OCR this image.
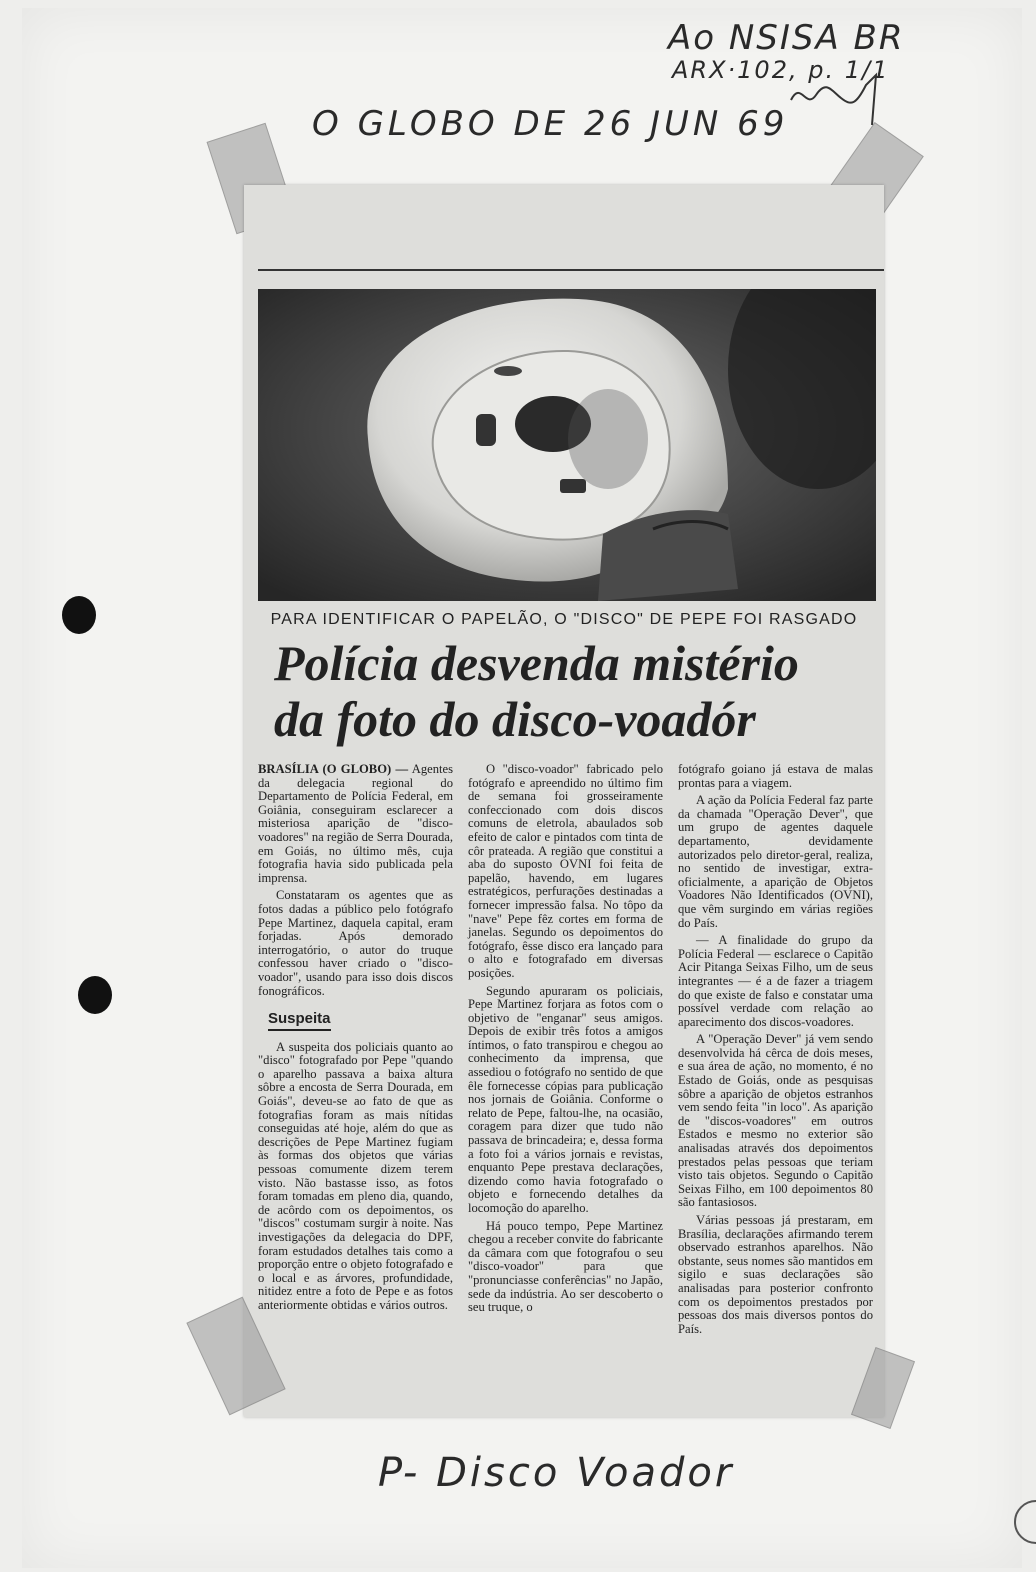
Ao NSISA BR
ARX·102, p. 1/1
O GLOBO DE 26 JUN 69
PARA IDENTIFICAR O PAPELÃO, O "DISCO" DE PEPE FOI RASGADO
Polícia desvenda mistério
da foto do disco-voadór

BRASÍLIA (O GLOBO) — Agentes da delegacia regional do Departamento de Polícia Federal, em Goiânia, conseguiram esclarecer a misteriosa aparição de "disco-voadores" na região de Serra Dourada, em Goiás, no último mês, cuja fotografia havia sido publicada pela imprensa.

Constataram os agentes que as fotos dadas a público pelo fotógrafo Pepe Martinez, daquela capital, eram forjadas. Após demorado interrogatório, o autor do truque confessou haver criado o "disco-voador", usando para isso dois discos fonográficos.

Suspeita

A suspeita dos policiais quanto ao "disco" fotografado por Pepe "quando o aparelho passava a baixa altura sôbre a encosta de Serra Dourada, em Goiás", deveu-se ao fato de que as fotografias foram as mais nítidas conseguidas até hoje, além do que as descrições de Pepe Martinez fugiam às formas dos objetos que várias pessoas comumente dizem terem visto. Não bastasse isso, as fotos foram tomadas em pleno dia, quando, de acôrdo com os depoimentos, os "discos" costumam surgir à noite. Nas investigações da delegacia do DPF, foram estudados detalhes tais como a proporção entre o objeto fotografado e o local e as árvores, profundidade, nitidez entre a foto de Pepe e as fotos anteriormente obtidas e vários outros.

O "disco-voador" fabricado pelo fotógrafo e apreendido no último fim de semana foi grosseiramente confeccionado com dois discos comuns de eletrola, abaulados sob efeito de calor e pintados com tinta de côr prateada. A região que constitui a aba do suposto OVNI foi feita de papelão, havendo, em lugares estratégicos, perfurações destinadas a fornecer impressão falsa. No tôpo da "nave" Pepe fêz cortes em forma de janelas. Segundo os depoimentos do fotógrafo, êsse disco era lançado para o alto e fotografado em diversas posições.

Segundo apuraram os policiais, Pepe Martinez forjara as fotos com o objetivo de "enganar" seus amigos. Depois de exibir três fotos a amigos íntimos, o fato transpirou e chegou ao conhecimento da imprensa, que assediou o fotógrafo no sentido de que êle fornecesse cópias para publicação nos jornais de Goiânia. Conforme o relato de Pepe, faltou-lhe, na ocasião, coragem para dizer que tudo não passava de brincadeira; e, dessa forma a foto foi a vários jornais e revistas, enquanto Pepe prestava declarações, dizendo como havia fotografado o objeto e fornecendo detalhes da locomoção do aparelho.

Há pouco tempo, Pepe Martinez chegou a receber convite do fabricante da câmara com que fotografou o seu "disco-voador" para que "pronunciasse conferências" no Japão, sede da indústria. Ao ser descoberto o seu truque, o

fotógrafo goiano já estava de malas prontas para a viagem.

A ação da Polícia Federal faz parte da chamada "Operação Dever", que um grupo de agentes daquele departamento, devidamente autorizados pelo diretor-geral, realiza, no sentido de investigar, extra-oficialmente, a aparição de Objetos Voadores Não Identificados (OVNI), que vêm surgindo em várias regiões do País.

— A finalidade do grupo da Polícia Federal — esclarece o Capitão Acir Pitanga Seixas Filho, um de seus integrantes — é a de fazer a triagem do que existe de falso e constatar uma possível verdade com relação ao aparecimento dos discos-voadores.

A "Operação Dever" já vem sendo desenvolvida há cêrca de dois meses, e sua área de ação, no momento, é no Estado de Goiás, onde as pesquisas sôbre a aparição de objetos estranhos vem sendo feita "in loco". As aparição de "discos-voadores" em outros Estados e mesmo no exterior são analisadas através dos depoimentos prestados pelas pessoas que teriam visto tais objetos. Segundo o Capitão Seixas Filho, em 100 depoimentos 80 são fantasiosos.

Várias pessoas já prestaram, em Brasília, declarações afirmando terem observado estranhos aparelhos. Não obstante, seus nomes são mantidos em sigilo e suas declarações são analisadas para posterior confronto com os depoimentos prestados por pessoas dos mais diversos pontos do País.

P- Disco Voador
